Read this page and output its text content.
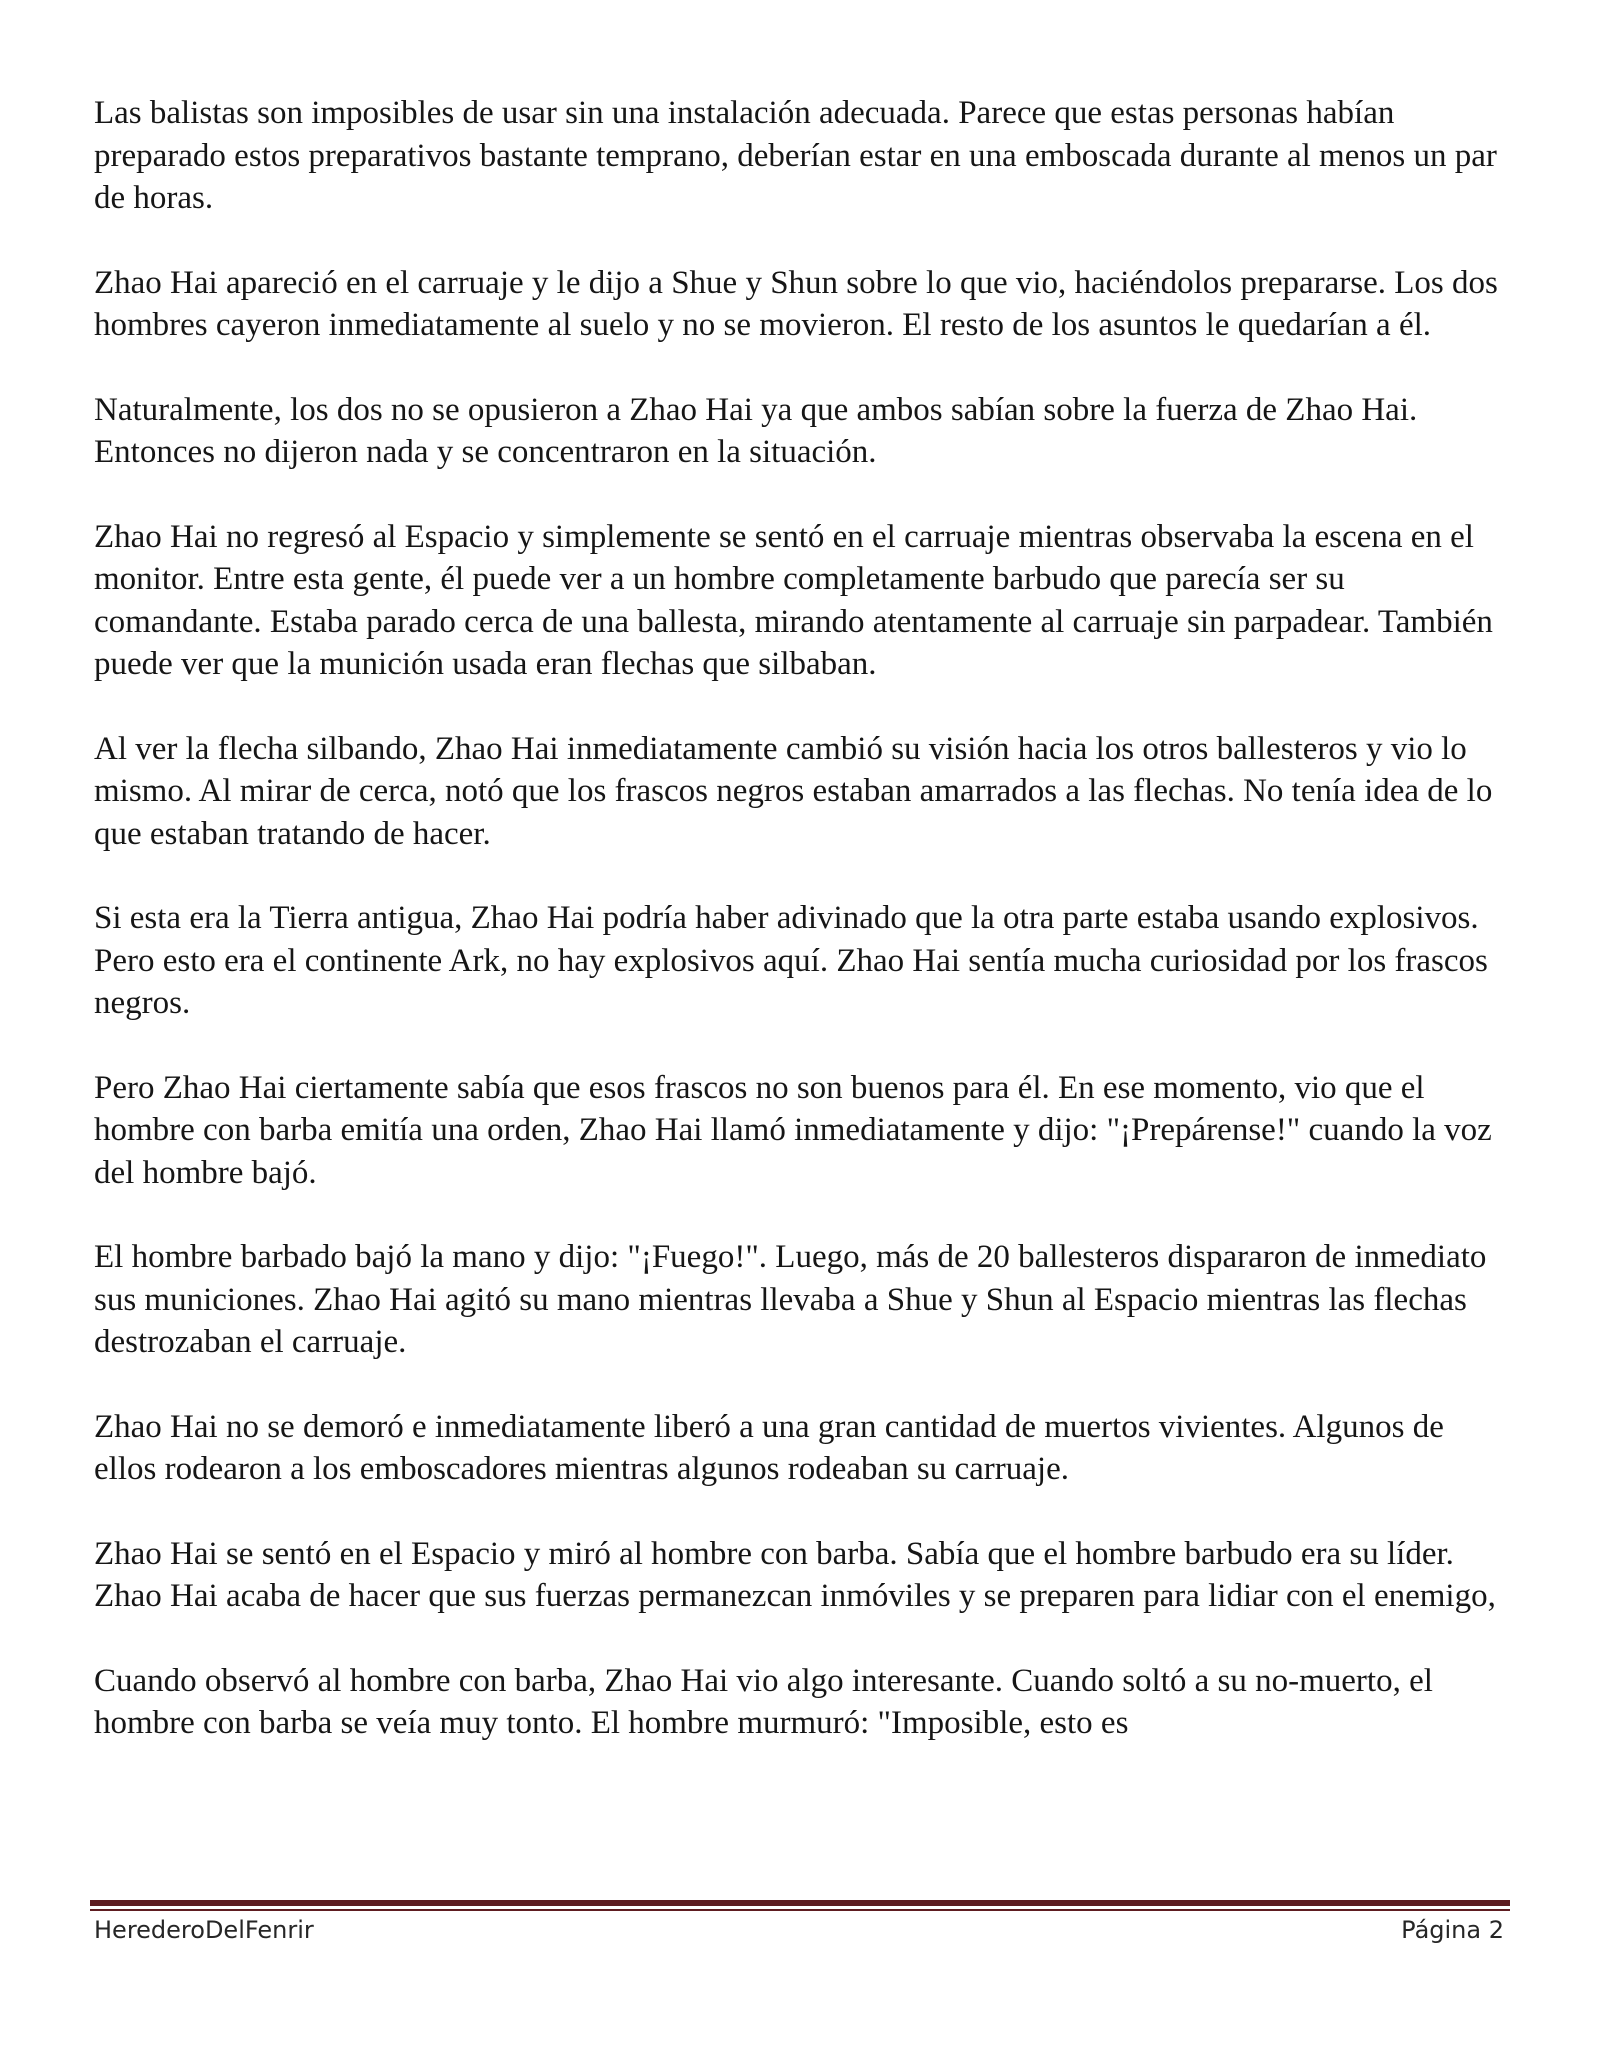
Las balistas son imposibles de usar sin una instalación adecuada. Parece que estas personas habían preparado estos preparativos bastante temprano, deberían estar en una emboscada durante al menos un par de horas.

Zhao Hai apareció en el carruaje y le dijo a Shue y Shun sobre lo que vio, haciéndolos prepararse. Los dos hombres cayeron inmediatamente al suelo y no se movieron. El resto de los asuntos le quedarían a él.

Naturalmente, los dos no se opusieron a Zhao Hai ya que ambos sabían sobre la fuerza de Zhao Hai. Entonces no dijeron nada y se concentraron en la situación.

Zhao Hai no regresó al Espacio y simplemente se sentó en el carruaje mientras observaba la escena en el monitor. Entre esta gente, él puede ver a un hombre completamente barbudo que parecía ser su comandante. Estaba parado cerca de una ballesta, mirando atentamente al carruaje sin parpadear. También puede ver que la munición usada eran flechas que silbaban.

Al ver la flecha silbando, Zhao Hai inmediatamente cambió su visión hacia los otros ballesteros y vio lo mismo. Al mirar de cerca, notó que los frascos negros estaban amarrados a las flechas. No tenía idea de lo que estaban tratando de hacer.

Si esta era la Tierra antigua, Zhao Hai podría haber adivinado que la otra parte estaba usando explosivos. Pero esto era el continente Ark, no hay explosivos aquí. Zhao Hai sentía mucha curiosidad por los frascos negros.

Pero Zhao Hai ciertamente sabía que esos frascos no son buenos para él. En ese momento, vio que el hombre con barba emitía una orden, Zhao Hai llamó inmediatamente y dijo: "¡Prepárense!" cuando la voz del hombre bajó.

El hombre barbado bajó la mano y dijo: "¡Fuego!". Luego, más de 20 ballesteros dispararon de inmediato sus municiones. Zhao Hai agitó su mano mientras llevaba a Shue y Shun al Espacio mientras las flechas destrozaban el carruaje.

Zhao Hai no se demoró e inmediatamente liberó a una gran cantidad de muertos vivientes. Algunos de ellos rodearon a los emboscadores mientras algunos rodeaban su carruaje.

Zhao Hai se sentó en el Espacio y miró al hombre con barba. Sabía que el hombre barbudo era su líder. Zhao Hai acaba de hacer que sus fuerzas permanezcan inmóviles y se preparen para lidiar con el enemigo,

Cuando observó al hombre con barba, Zhao Hai vio algo interesante. Cuando soltó a su no-muerto, el hombre con barba se veía muy tonto. El hombre murmuró: "Imposible, esto es

HerederoDelFenrir	Página 2
